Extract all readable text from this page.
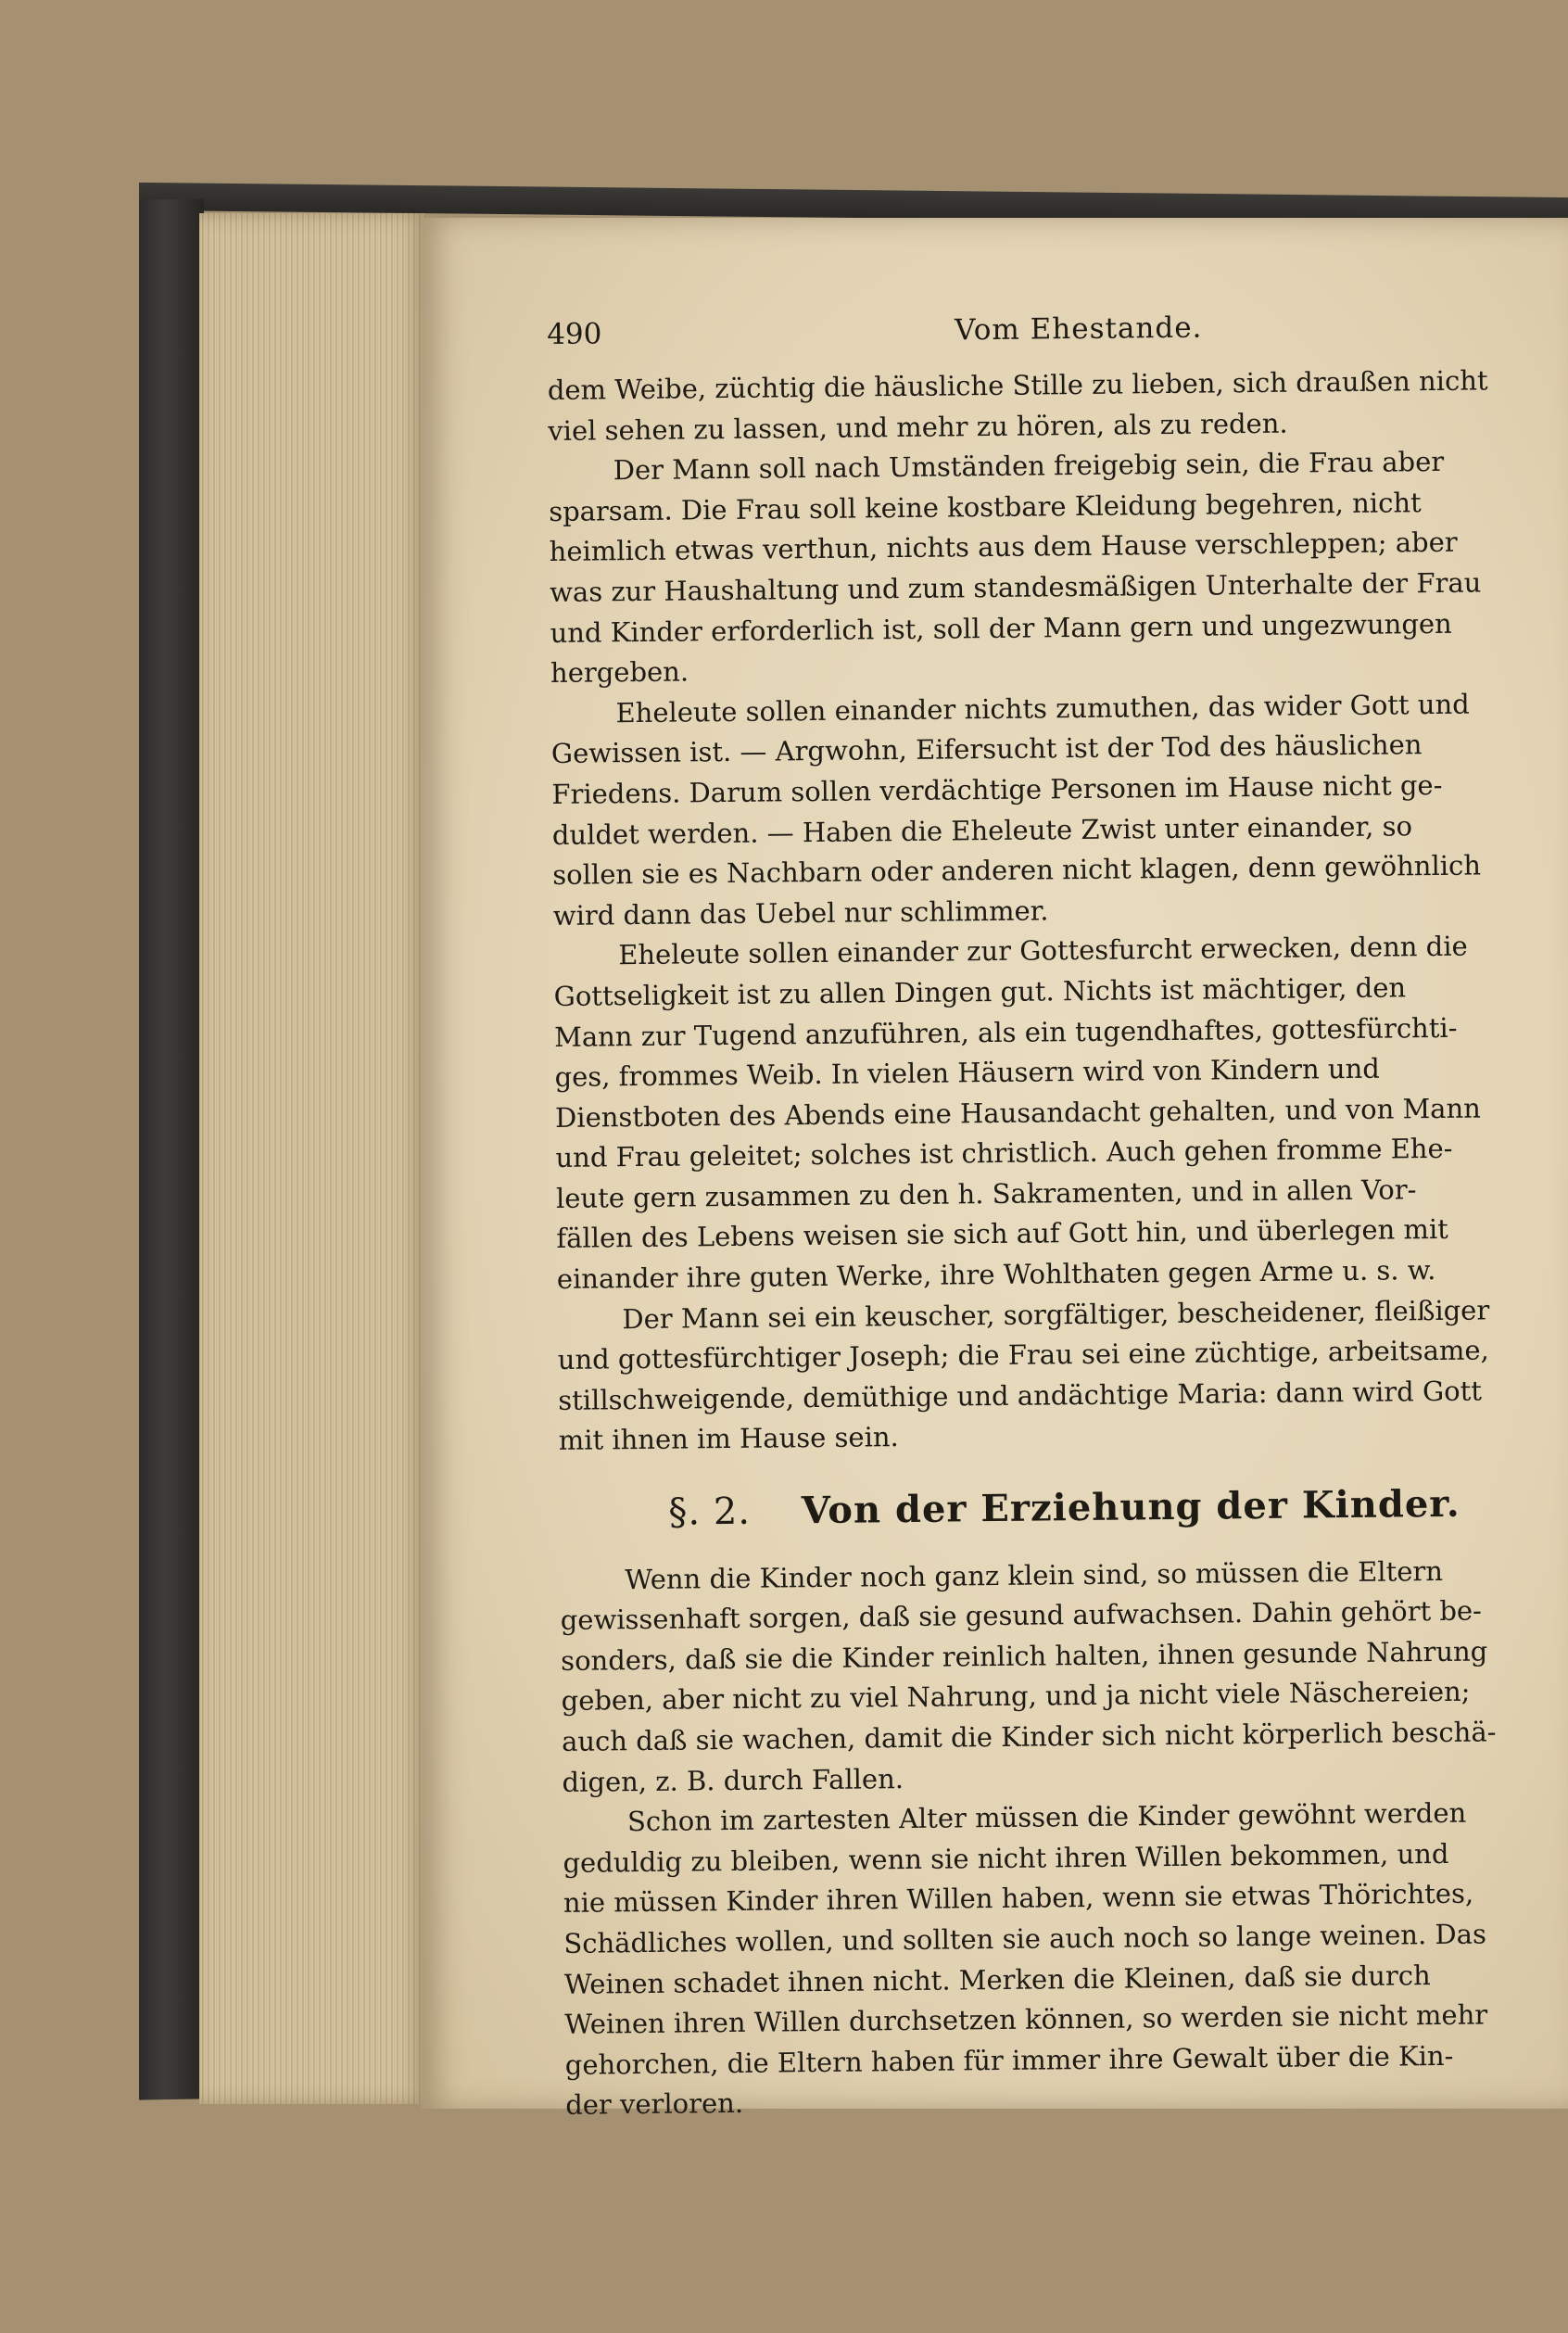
490	Vom Ehestande.

dem Weibe, züchtig die häusliche Stille zu lieben, sich draußen nicht

viel sehen zu lassen, und mehr zu hören, als zu reden.

Der Mann soll nach Umständen freigebig sein, die Frau aber

sparsam. Die Frau soll keine kostbare Kleidung begehren, nicht

heimlich etwas verthun, nichts aus dem Hause verschleppen; aber

was zur Haushaltung und zum standesmäßigen Unterhalte der Frau

und Kinder erforderlich ist, soll der Mann gern und ungezwungen

hergeben.

Eheleute sollen einander nichts zumuthen, das wider Gott und

Gewissen ist. — Argwohn, Eifersucht ist der Tod des häuslichen

Friedens. Darum sollen verdächtige Personen im Hause nicht ge-

duldet werden. — Haben die Eheleute Zwist unter einander, so

sollen sie es Nachbarn oder anderen nicht klagen, denn gewöhnlich

wird dann das Uebel nur schlimmer.

Eheleute sollen einander zur Gottesfurcht erwecken, denn die

Gottseligkeit ist zu allen Dingen gut. Nichts ist mächtiger, den

Mann zur Tugend anzuführen, als ein tugendhaftes, gottesfürchti-

ges, frommes Weib. In vielen Häusern wird von Kindern und

Dienstboten des Abends eine Hausandacht gehalten, und von Mann

und Frau geleitet; solches ist christlich. Auch gehen fromme Ehe-

leute gern zusammen zu den h. Sakramenten, und in allen Vor-

fällen des Lebens weisen sie sich auf Gott hin, und überlegen mit

einander ihre guten Werke, ihre Wohlthaten gegen Arme u. s. w.

Der Mann sei ein keuscher, sorgfältiger, bescheidener, fleißiger

und gottesfürchtiger Joseph; die Frau sei eine züchtige, arbeitsame,

stillschweigende, demüthige und andächtige Maria: dann wird Gott

mit ihnen im Hause sein.

§. 2. Von der Erziehung der Kinder.

Wenn die Kinder noch ganz klein sind, so müssen die Eltern

gewissenhaft sorgen, daß sie gesund aufwachsen. Dahin gehört be-

sonders, daß sie die Kinder reinlich halten, ihnen gesunde Nahrung

geben, aber nicht zu viel Nahrung, und ja nicht viele Näschereien;

auch daß sie wachen, damit die Kinder sich nicht körperlich beschä-

digen, z. B. durch Fallen.

Schon im zartesten Alter müssen die Kinder gewöhnt werden

geduldig zu bleiben, wenn sie nicht ihren Willen bekommen, und

nie müssen Kinder ihren Willen haben, wenn sie etwas Thörichtes,

Schädliches wollen, und sollten sie auch noch so lange weinen. Das

Weinen schadet ihnen nicht. Merken die Kleinen, daß sie durch

Weinen ihren Willen durchsetzen können, so werden sie nicht mehr

gehorchen, die Eltern haben für immer ihre Gewalt über die Kin-

der verloren.
